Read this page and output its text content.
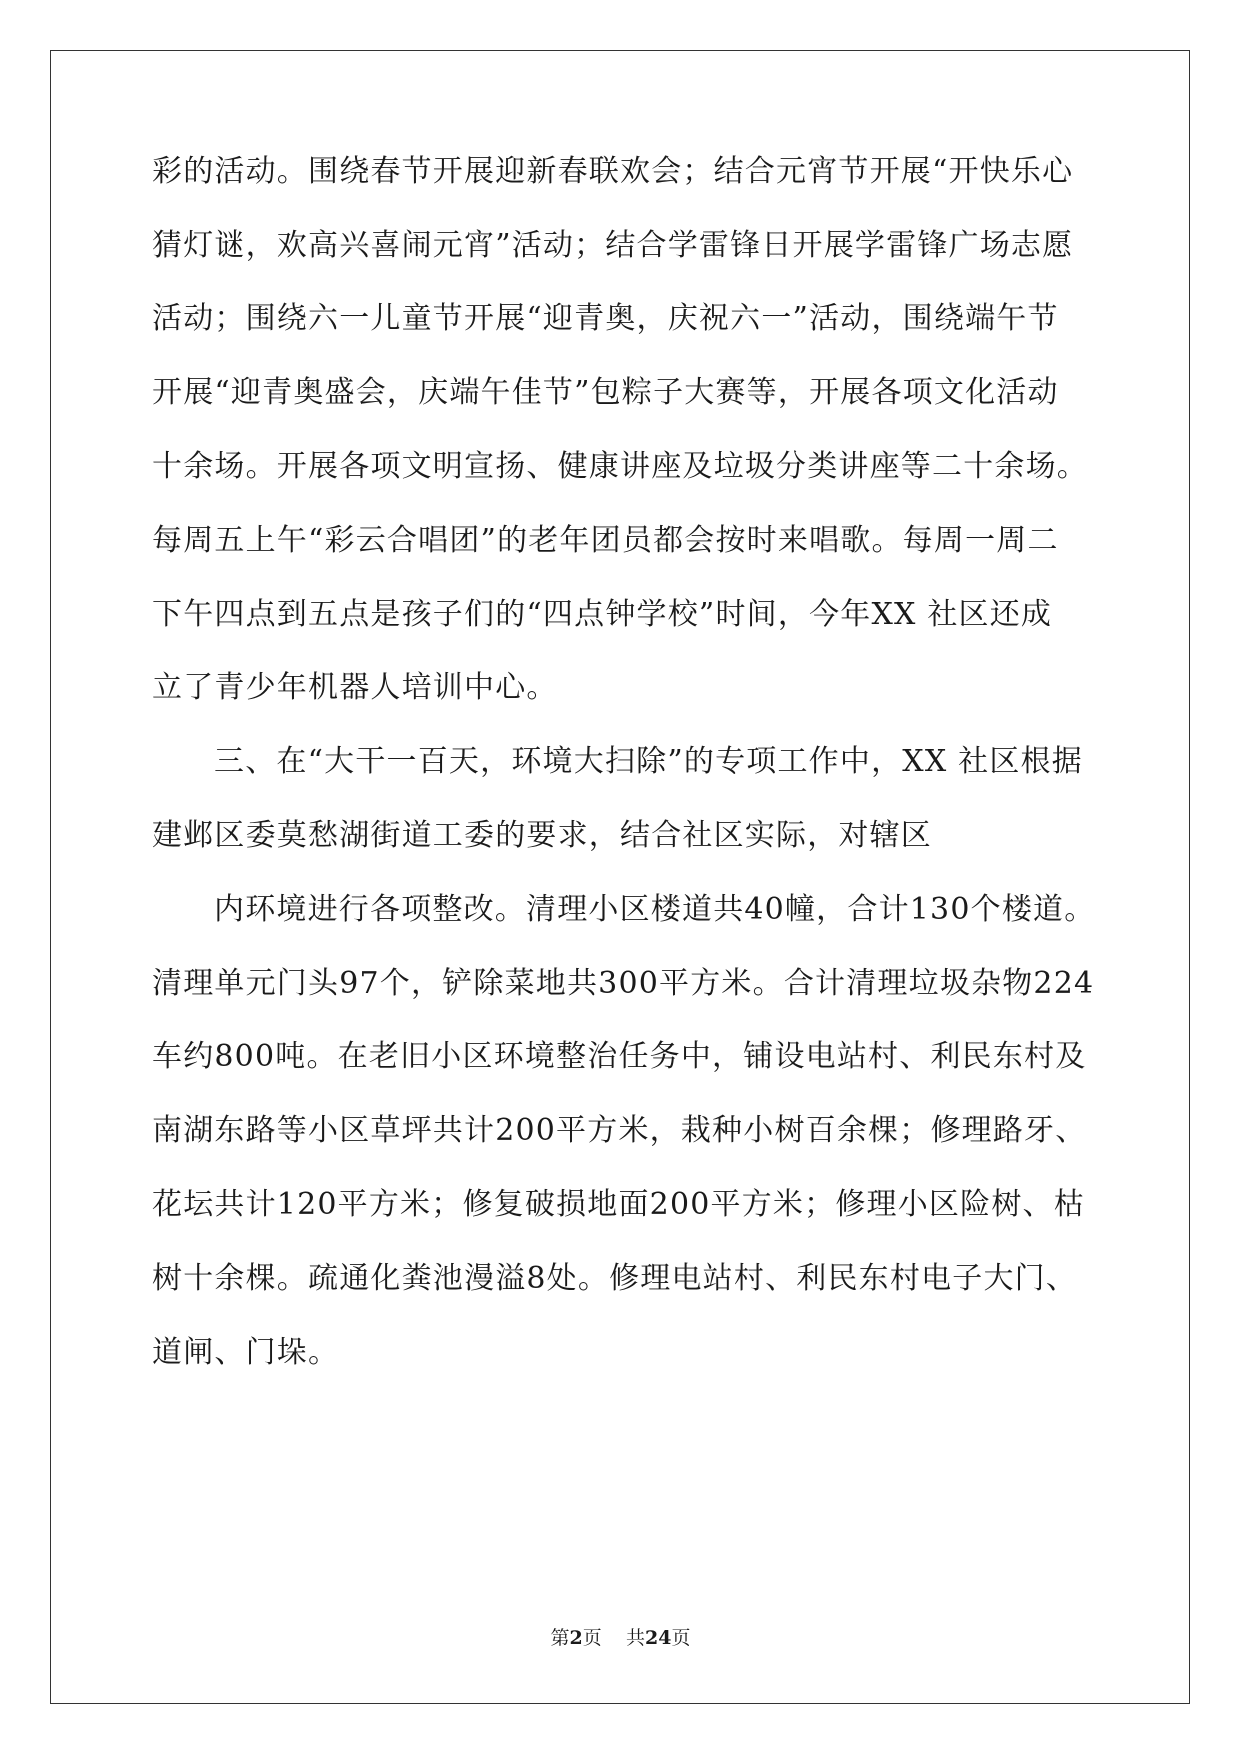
彩的活动。围绕春节开展迎新春联欢会；结合元宵节开展“开快乐心
猜灯谜，欢高兴喜闹元宵”活动；结合学雷锋日开展学雷锋广场志愿
活动；围绕六一儿童节开展“迎青奥，庆祝六一”活动，围绕端午节
开展“迎青奥盛会，庆端午佳节”包粽子大赛等，开展各项文化活动
十余场。开展各项文明宣扬、健康讲座及垃圾分类讲座等二十余场。
每周五上午“彩云合唱团”的老年团员都会按时来唱歌。每周一周二
下午四点到五点是孩子们的“四点钟学校”时间，今年XX 社区还成
立了青少年机器人培训中心。
三、在“大干一百天，环境大扫除”的专项工作中，XX 社区根据
建邺区委莫愁湖街道工委的要求，结合社区实际，对辖区
内环境进行各项整改。清理小区楼道共40幢，合计130个楼道。
清理单元门头97个，铲除菜地共300平方米。合计清理垃圾杂物224
车约800吨。在老旧小区环境整治任务中，铺设电站村、利民东村及
南湖东路等小区草坪共计200平方米，栽种小树百余棵；修理路牙、
花坛共计120平方米；修复破损地面200平方米；修理小区险树、枯
树十余棵。疏通化粪池漫溢8处。修理电站村、利民东村电子大门、
道闸、门垛。
第2页 共24页
